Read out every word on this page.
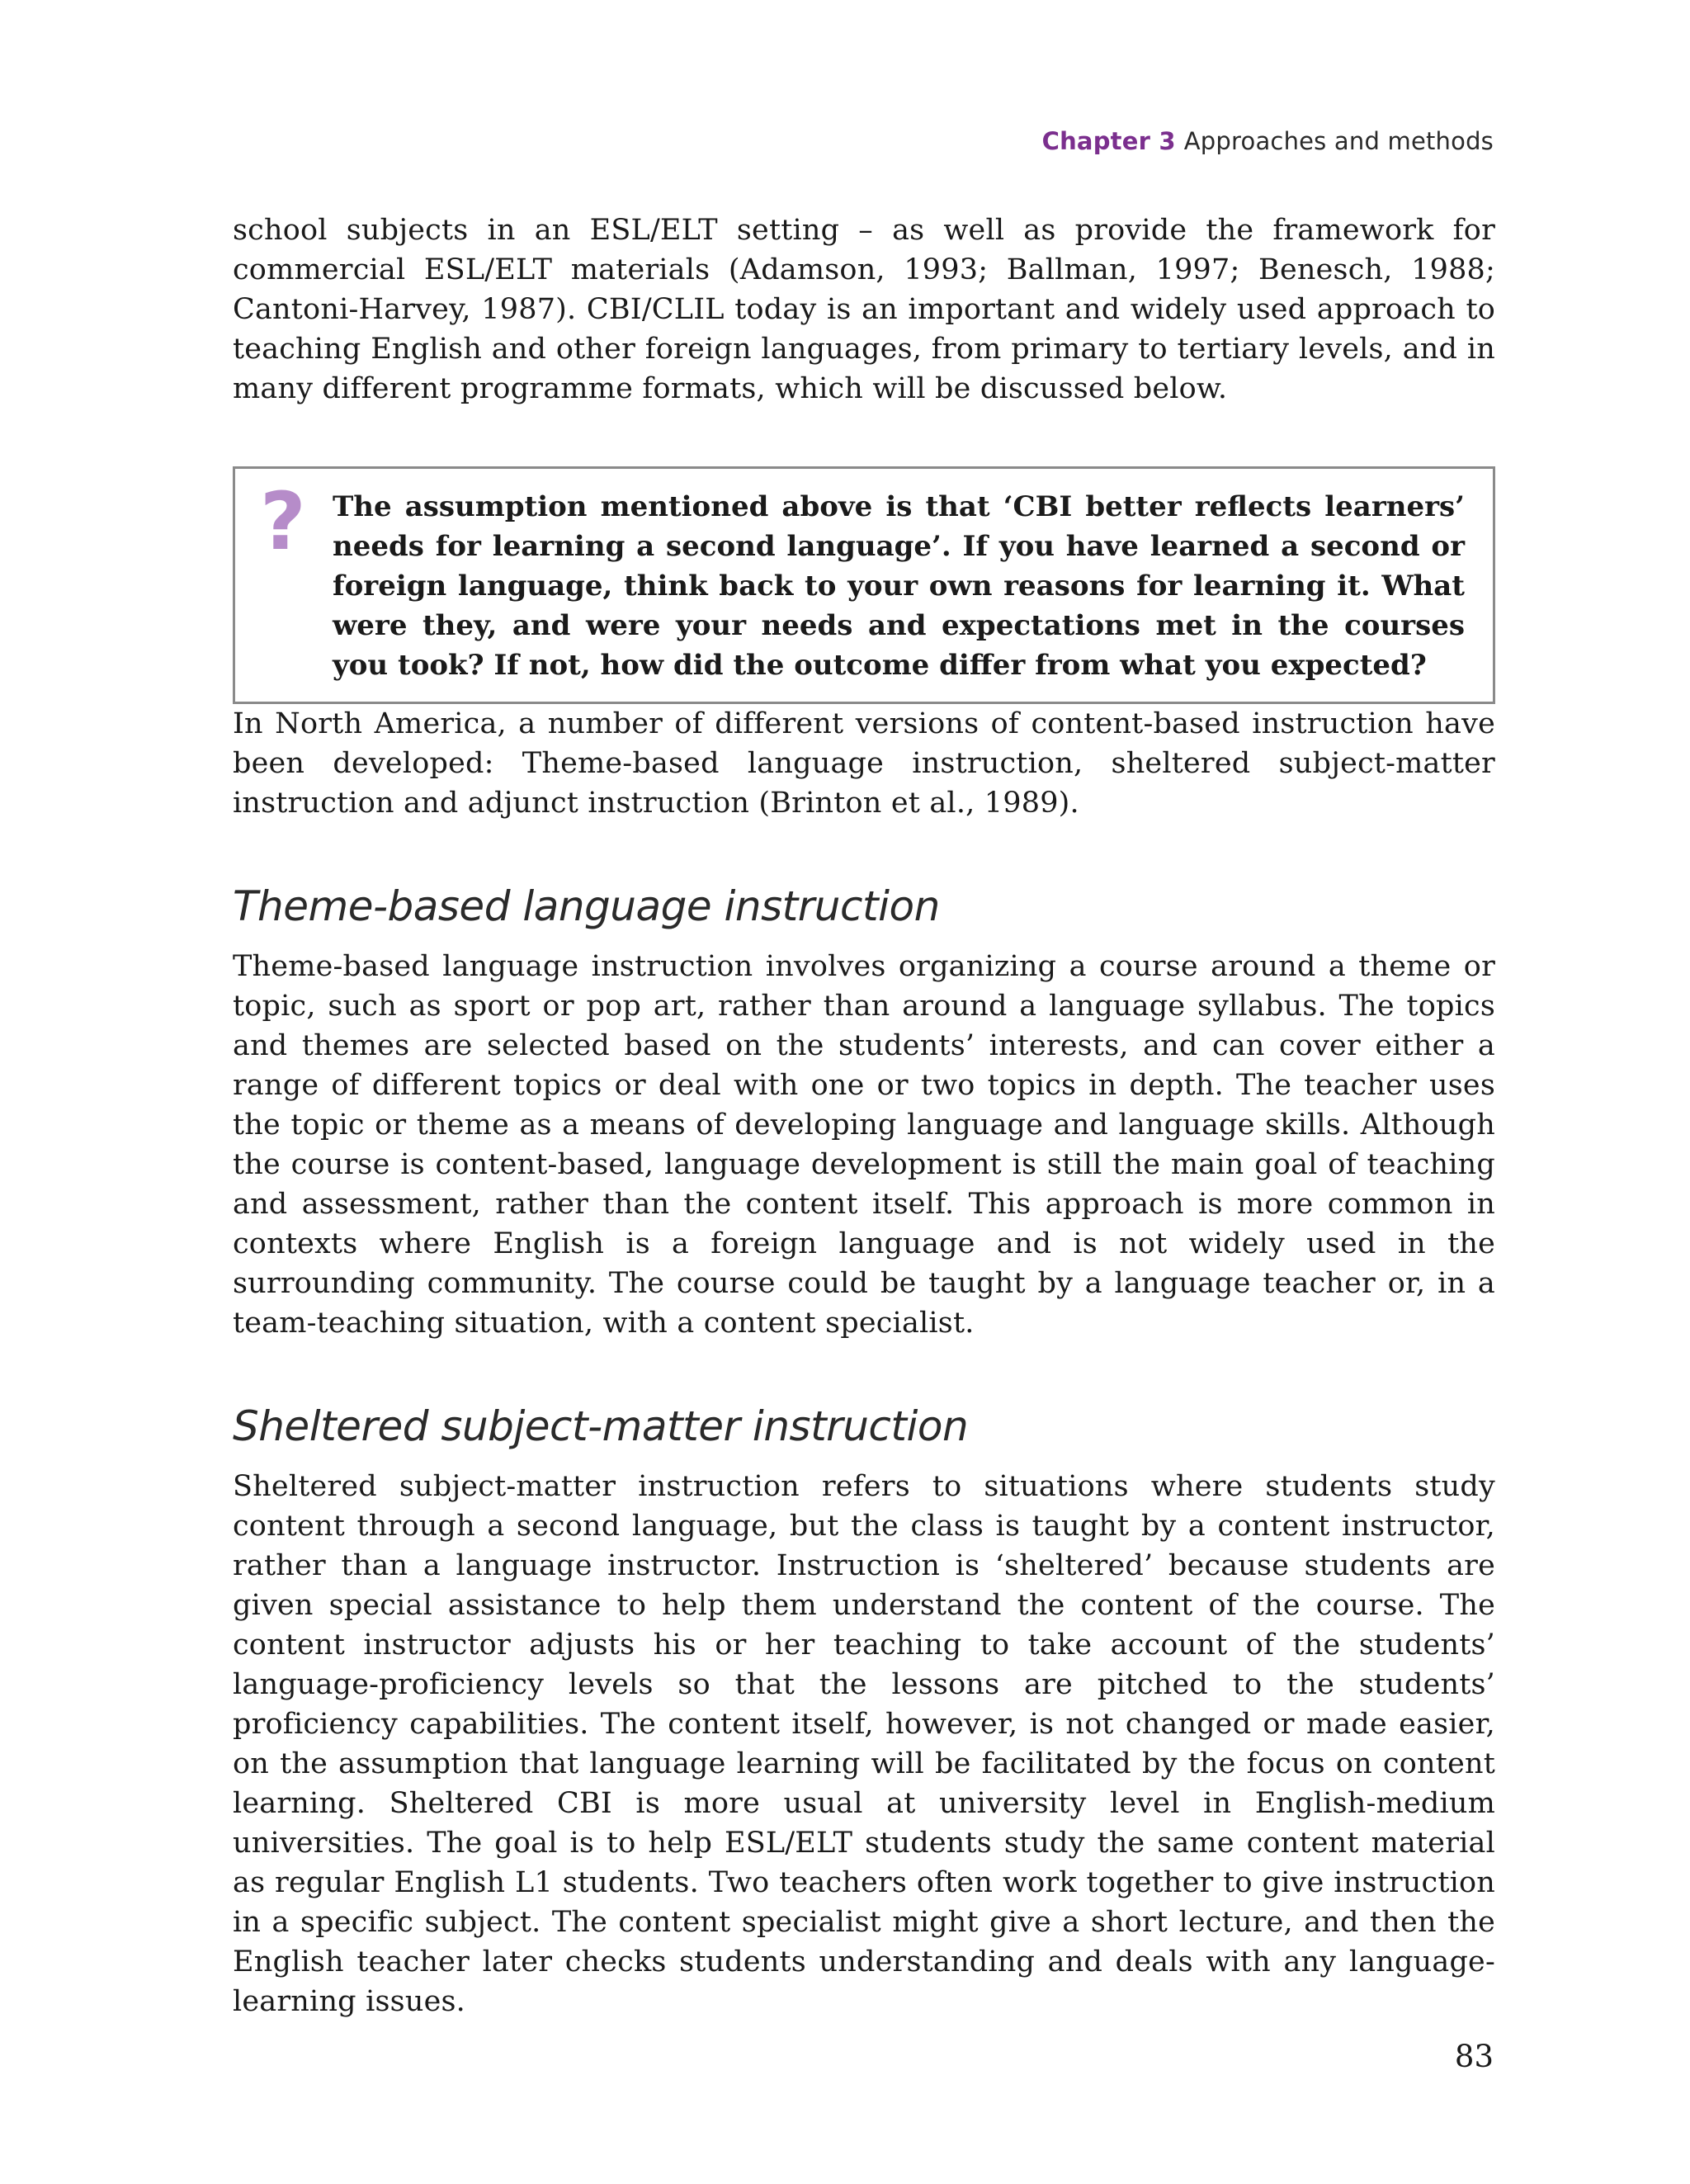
Chapter 3 Approaches and methods

school subjects in an ESL/ELT setting – as well as provide the framework for commercial ESL/ELT materials (Adamson, 1993; Ballman, 1997; Benesch, 1988; Cantoni-Harvey, 1987). CBI/CLIL today is an important and widely used approach to teaching English and other foreign languages, from primary to tertiary levels, and in many different programme formats, which will be discussed below.

? The assumption mentioned above is that ‘CBI better reflects learners’ needs for learning a second language’. If you have learned a second or foreign language, think back to your own reasons for learning it. What were they, and were your needs and expectations met in the courses you took? If not, how did the outcome differ from what you expected?

In North America, a number of different versions of content-based instruction have been developed: Theme-based language instruction, sheltered subject-matter instruction and adjunct instruction (Brinton et al., 1989).

Theme-based language instruction

Theme-based language instruction involves organizing a course around a theme or topic, such as sport or pop art, rather than around a language syllabus. The topics and themes are selected based on the students’ interests, and can cover either a range of different topics or deal with one or two topics in depth. The teacher uses the topic or theme as a means of developing language and language skills. Although the course is content-based, language development is still the main goal of teaching and assessment, rather than the content itself. This approach is more common in contexts where English is a foreign language and is not widely used in the surrounding community. The course could be taught by a language teacher or, in a team-teaching situation, with a content specialist.

Sheltered subject-matter instruction

Sheltered subject-matter instruction refers to situations where students study content through a second language, but the class is taught by a content instructor, rather than a language instructor. Instruction is ‘sheltered’ because students are given special assistance to help them understand the content of the course. The content instructor adjusts his or her teaching to take account of the students’ language-proficiency levels so that the lessons are pitched to the students’ proficiency capabilities. The content itself, however, is not changed or made easier, on the assumption that language learning will be facilitated by the focus on content learning. Sheltered CBI is more usual at university level in English-medium universities. The goal is to help ESL/ELT students study the same content material as regular English L1 students. Two teachers often work together to give instruction in a specific subject. The content specialist might give a short lecture, and then the English teacher later checks students understanding and deals with any language-learning issues.

83
